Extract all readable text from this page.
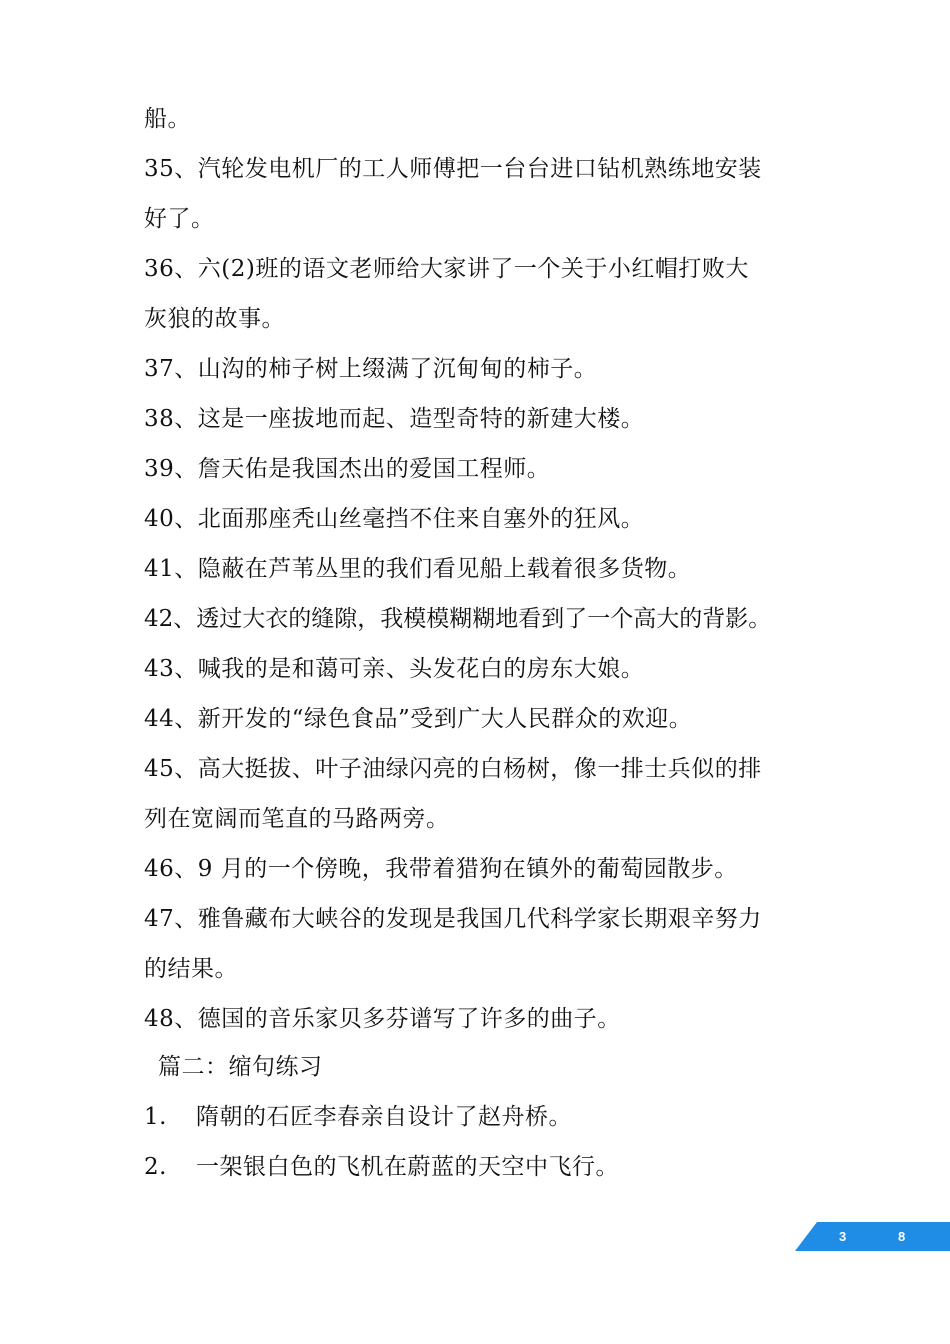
船。
35、汽轮发电机厂的工人师傅把一台台进口钻机熟练地安装
好了。
36、六(2)班的语文老师给大家讲了一个关于小红帽打败大
灰狼的故事。
37、山沟的柿子树上缀满了沉甸甸的柿子。
38、这是一座拔地而起、造型奇特的新建大楼。
39、詹天佑是我国杰出的爱国工程师。
40、北面那座秃山丝毫挡不住来自塞外的狂风。
41、隐蔽在芦苇丛里的我们看见船上载着很多货物。
42、透过大衣的缝隙，我模模糊糊地看到了一个高大的背影。
43、喊我的是和蔼可亲、头发花白的房东大娘。
44、新开发的“绿色食品”受到广大人民群众的欢迎。
45、高大挺拔、叶子油绿闪亮的白杨树，像一排士兵似的排
列在宽阔而笔直的马路两旁。
46、9 月的一个傍晚，我带着猎狗在镇外的葡萄园散步。
47、雅鲁藏布大峡谷的发现是我国几代科学家长期艰辛努力
的结果。
48、德国的音乐家贝多芬谱写了许多的曲子。
篇二：缩句练习
1. 隋朝的石匠李春亲自设计了赵舟桥。
2. 一架银白色的飞机在蔚蓝的天空中飞行。
3	8
